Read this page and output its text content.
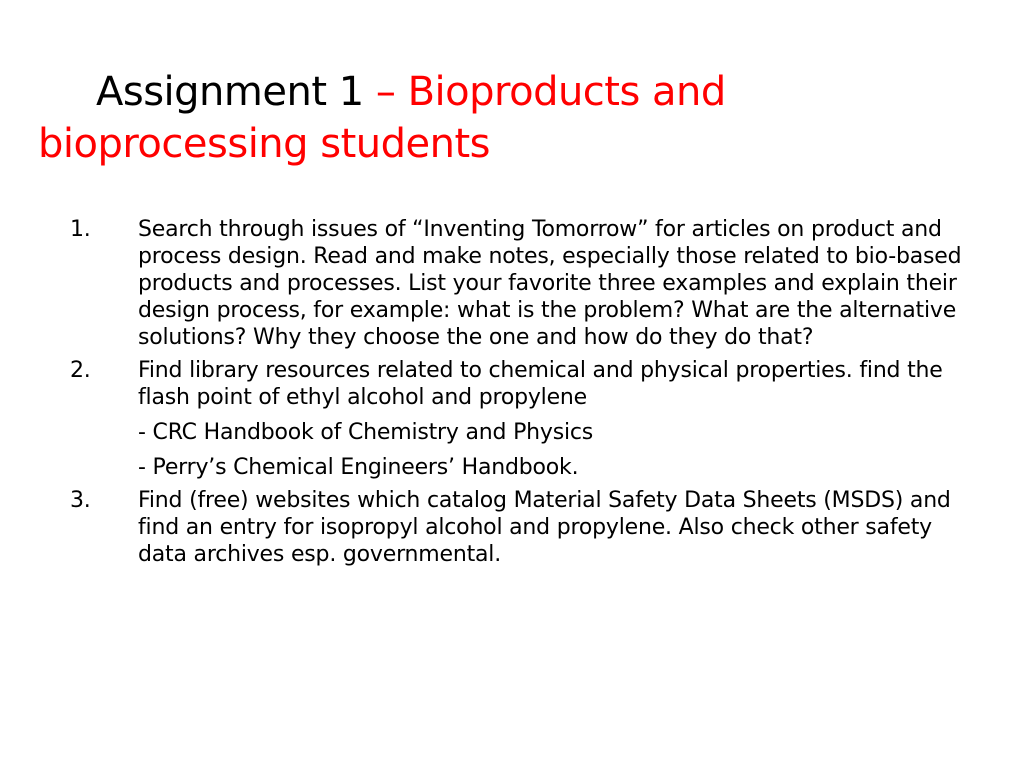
Assignment 1 – Bioproducts and
bioprocessing students
1. Search through issues of “Inventing Tomorrow” for articles on product and process design. Read and make notes, especially those related to bio-based products and processes. List your favorite three examples and explain their design process, for example: what is the problem? What are the alternative solutions? Why they choose the one and how do they do that?
2. Find library resources related to chemical and physical properties. find the flash point of ethyl alcohol and propylene
- CRC Handbook of Chemistry and Physics
- Perry’s Chemical Engineers’ Handbook.
3. Find (free) websites which catalog Material Safety Data Sheets (MSDS) and find an entry for isopropyl alcohol and propylene. Also check other safety data archives esp. governmental.
